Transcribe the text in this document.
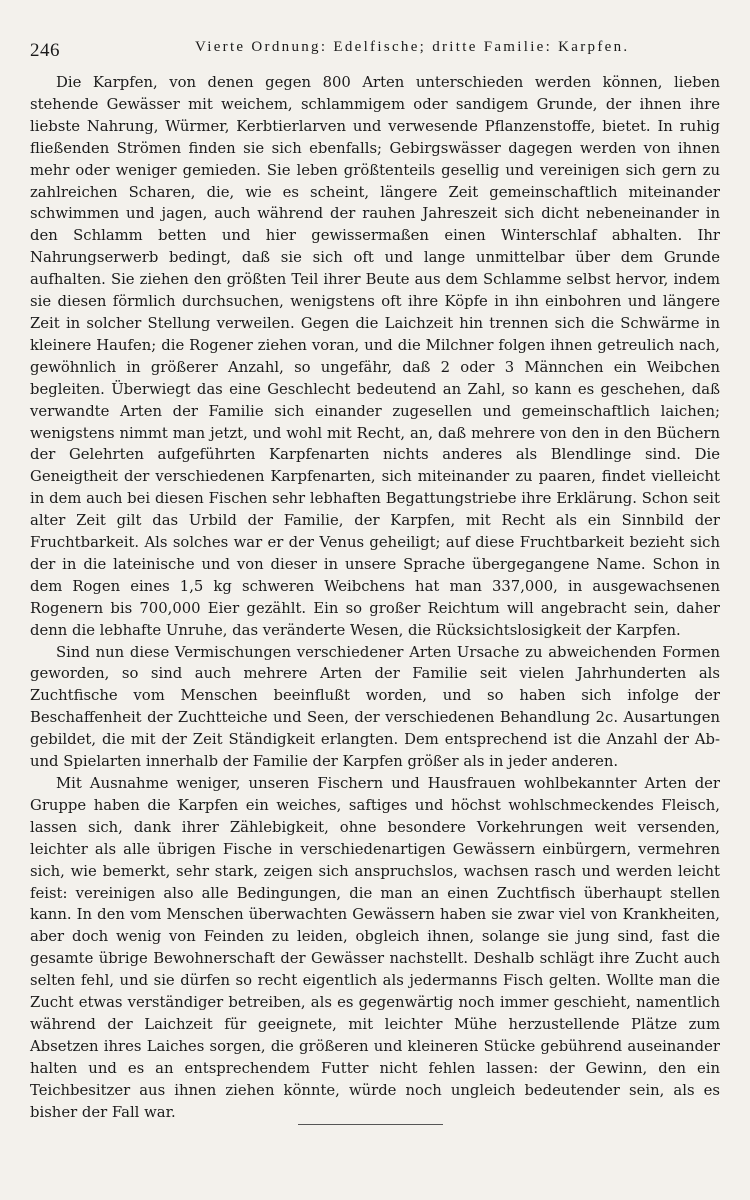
246	Vierte Ordnung: Edelfische; dritte Familie: Karpfen.

Die Karpfen, von denen gegen 800 Arten unterschieden werden können, lieben stehende Gewässer mit weichem, schlammigem oder sandigem Grunde, der ihnen ihre liebste Nahrung, Würmer, Kerbtierlarven und verwesende Pflanzenstoffe, bietet. In ruhig fließenden Strömen finden sie sich ebenfalls; Gebirgswässer dagegen werden von ihnen mehr oder weniger gemieden. Sie leben größtenteils gesellig und vereinigen sich gern zu zahlreichen Scharen, die, wie es scheint, längere Zeit gemeinschaftlich miteinander schwimmen und jagen, auch während der rauhen Jahreszeit sich dicht nebeneinander in den Schlamm betten und hier gewissermaßen einen Winterschlaf abhalten. Ihr Nahrungserwerb bedingt, daß sie sich oft und lange unmittelbar über dem Grunde aufhalten. Sie ziehen den größten Teil ihrer Beute aus dem Schlamme selbst hervor, indem sie diesen förmlich durchsuchen, wenigstens oft ihre Köpfe in ihn einbohren und längere Zeit in solcher Stellung verweilen. Gegen die Laichzeit hin trennen sich die Schwärme in kleinere Haufen; die Rogener ziehen voran, und die Milchner folgen ihnen getreulich nach, gewöhnlich in größerer Anzahl, so ungefähr, daß 2 oder 3 Männchen ein Weibchen begleiten. Überwiegt das eine Geschlecht bedeutend an Zahl, so kann es geschehen, daß verwandte Arten der Familie sich einander zugesellen und gemeinschaftlich laichen; wenigstens nimmt man jetzt, und wohl mit Recht, an, daß mehrere von den in den Büchern der Gelehrten aufgeführten Karpfenarten nichts anderes als Blendlinge sind. Die Geneigtheit der verschiedenen Karpfenarten, sich miteinander zu paaren, findet vielleicht in dem auch bei diesen Fischen sehr lebhaften Begattungstriebe ihre Erklärung. Schon seit alter Zeit gilt das Urbild der Familie, der Karpfen, mit Recht als ein Sinnbild der Fruchtbarkeit. Als solches war er der Venus geheiligt; auf diese Fruchtbarkeit bezieht sich der in die lateinische und von dieser in unsere Sprache übergegangene Name. Schon in dem Rogen eines 1,5 kg schweren Weibchens hat man 337,000, in ausgewachsenen Rogenern bis 700,000 Eier gezählt. Ein so großer Reichtum will angebracht sein, daher denn die lebhafte Unruhe, das veränderte Wesen, die Rücksichtslosigkeit der Karpfen.

Sind nun diese Vermischungen verschiedener Arten Ursache zu abweichenden Formen geworden, so sind auch mehrere Arten der Familie seit vielen Jahrhunderten als Zuchtfische vom Menschen beeinflußt worden, und so haben sich infolge der Beschaffenheit der Zuchtteiche und Seen, der verschiedenen Behandlung 2c. Ausartungen gebildet, die mit der Zeit Ständigkeit erlangten. Dem entsprechend ist die Anzahl der Ab- und Spielarten innerhalb der Familie der Karpfen größer als in jeder anderen.

Mit Ausnahme weniger, unseren Fischern und Hausfrauen wohlbekannter Arten der Gruppe haben die Karpfen ein weiches, saftiges und höchst wohlschmeckendes Fleisch, lassen sich, dank ihrer Zählebigkeit, ohne besondere Vorkehrungen weit versenden, leichter als alle übrigen Fische in verschiedenartigen Gewässern einbürgern, vermehren sich, wie bemerkt, sehr stark, zeigen sich anspruchslos, wachsen rasch und werden leicht feist: vereinigen also alle Bedingungen, die man an einen Zuchtfisch überhaupt stellen kann. In den vom Menschen überwachten Gewässern haben sie zwar viel von Krankheiten, aber doch wenig von Feinden zu leiden, obgleich ihnen, solange sie jung sind, fast die gesamte übrige Bewohnerschaft der Gewässer nachstellt. Deshalb schlägt ihre Zucht auch selten fehl, und sie dürfen so recht eigentlich als jedermanns Fisch gelten. Wollte man die Zucht etwas verständiger betreiben, als es gegenwärtig noch immer geschieht, namentlich während der Laichzeit für geeignete, mit leichter Mühe herzustellende Plätze zum Absetzen ihres Laiches sorgen, die größeren und kleineren Stücke gebührend auseinander halten und es an entsprechendem Futter nicht fehlen lassen: der Gewinn, den ein Teichbesitzer aus ihnen ziehen könnte, würde noch ungleich bedeutender sein, als es bisher der Fall war.
